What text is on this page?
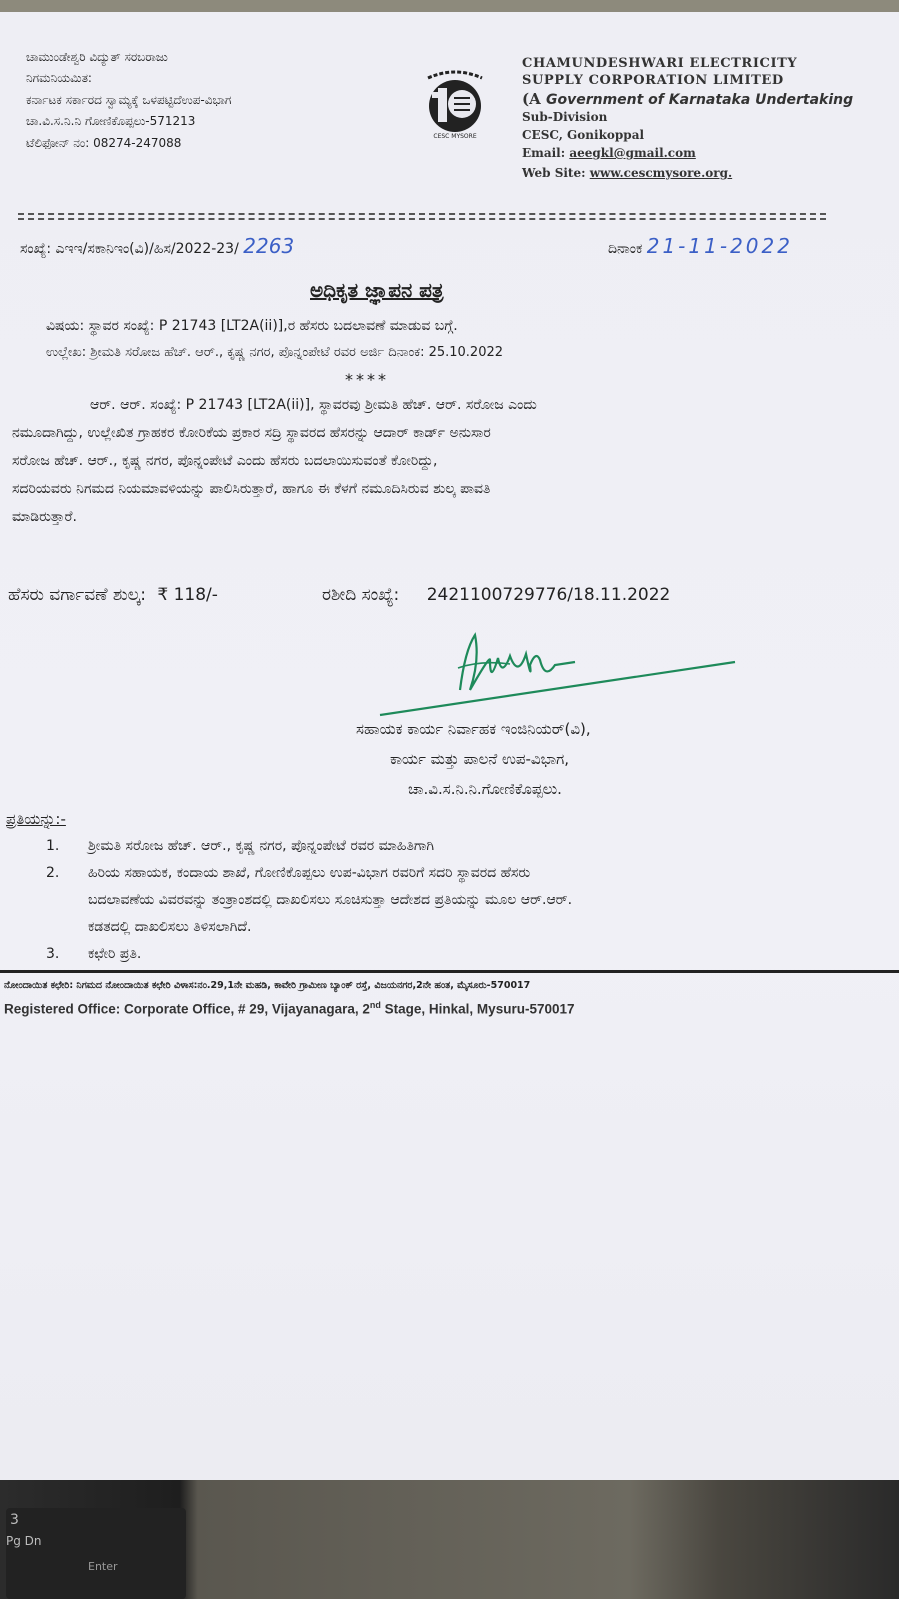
ಚಾಮುಂಡೇಶ್ವರಿ ವಿದ್ಯುತ್ ಸರಬರಾಜು
ನಿಗಮನಿಯಮಿತ:
ಕರ್ನಾಟಕ ಸರ್ಕಾರದ ಸ್ವಾಮ್ಯಕ್ಕೆ ಒಳಪಟ್ಟಿದೆಉಪ-ವಿಭಾಗ
ಚಾ.ವಿ.ಸ.ನಿ.ನಿ ಗೋಣಿಕೊಪ್ಪಲು-571213
ಟೆಲಿಫೋನ್ ನಂ: 08274-247088	CESC MYSORE
CHAMUNDESHWARI ELECTRICITY
SUPPLY CORPORATION LIMITED
(A Government of Karnataka Undertaking
Sub-Division
CESC, Gonikoppal
Email: aeegkl@gmail.com
Web Site: www.cescmysore.org.
ಸಂಖ್ಯೆ: ಎಇಇ/ಸಕಾನಿಇಂ(ವಿ)/ಹಿಸ/2022-23/ 2263	ದಿನಾಂಕ 21-11-2022
ಅಧಿಕೃತ ಜ್ಞಾಪನ ಪತ್ರ
ವಿಷಯ: ಸ್ಥಾವರ ಸಂಖ್ಯೆ: P 21743 [LT2A(ii)],ರ ಹೆಸರು ಬದಲಾವಣೆ ಮಾಡುವ ಬಗ್ಗೆ.
ಉಲ್ಲೇಖ: ಶ್ರೀಮತಿ ಸರೋಜ ಹೆಚ್. ಆರ್., ಕೃಷ್ಣ ನಗರ, ಪೊನ್ನಂಪೇಟೆ ರವರ ಅರ್ಜಿ ದಿನಾಂಕ: 25.10.2022
****
ಆರ್. ಆರ್. ಸಂಖ್ಯೆ: P 21743 [LT2A(ii)], ಸ್ಥಾವರವು ಶ್ರೀಮತಿ ಹೆಚ್. ಆರ್. ಸರೋಜ ಎಂದು
ನಮೂದಾಗಿದ್ದು, ಉಲ್ಲೇಖಿತ ಗ್ರಾಹಕರ ಕೋರಿಕೆಯ ಪ್ರಕಾರ ಸದ್ರಿ ಸ್ಥಾವರದ ಹೆಸರನ್ನು ಆದಾರ್ ಕಾರ್ಡ್ ಅನುಸಾರ
ಸರೋಜ ಹೆಚ್. ಆರ್., ಕೃಷ್ಣ ನಗರ, ಪೊನ್ನಂಪೇಟೆ ಎಂದು ಹೆಸರು ಬದಲಾಯಿಸುವಂತೆ ಕೋರಿದ್ದು,
ಸದರಿಯವರು ನಿಗಮದ ನಿಯಮಾವಳಿಯನ್ನು ಪಾಲಿಸಿರುತ್ತಾರೆ, ಹಾಗೂ ಈ ಕೆಳಗೆ ನಮೂದಿಸಿರುವ ಶುಲ್ಕ ಪಾವತಿ
ಮಾಡಿರುತ್ತಾರೆ.
ಹೆಸರು ವರ್ಗಾವಣೆ ಶುಲ್ಕ: ₹ 118/-	ರಶೀದಿ ಸಂಖ್ಯೆ: 2421100729776/18.11.2022
ಸಹಾಯಕ ಕಾರ್ಯ ನಿರ್ವಾಹಕ ಇಂಜಿನಿಯರ್(ವಿ),
ಕಾರ್ಯ ಮತ್ತು ಪಾಲನೆ ಉಪ-ವಿಭಾಗ,
ಚಾ.ವಿ.ಸ.ನಿ.ನಿ.ಗೋಣಿಕೊಪ್ಪಲು.
ಪ್ರತಿಯನ್ನು:-
1. ಶ್ರೀಮತಿ ಸರೋಜ ಹೆಚ್. ಆರ್., ಕೃಷ್ಣ ನಗರ, ಪೊನ್ನಂಪೇಟೆ ರವರ ಮಾಹಿತಿಗಾಗಿ
2. ಹಿರಿಯ ಸಹಾಯಕ, ಕಂದಾಯ ಶಾಖೆ, ಗೋಣಿಕೊಪ್ಪಲು ಉಪ-ವಿಭಾಗ ರವರಿಗೆ ಸದರಿ ಸ್ಥಾವರದ ಹೆಸರು
ಬದಲಾವಣೆಯ ವಿವರವನ್ನು ತಂತ್ರಾಂಶದಲ್ಲಿ ದಾಖಲಿಸಲು ಸೂಚಿಸುತ್ತಾ ಆದೇಶದ ಪ್ರತಿಯನ್ನು ಮೂಲ ಆರ್.ಆರ್.
ಕಡತದಲ್ಲಿ ದಾಖಲಿಸಲು ತಿಳಿಸಲಾಗಿದೆ.
3. ಕಛೇರಿ ಪ್ರತಿ.
ನೋಂದಾಯಿತ ಕಛೇರಿ: ನಿಗಮದ ನೋಂದಾಯಿತ ಕಛೇರಿ ವಿಳಾಸ:ನಂ.29,1ನೇ ಮಹಡಿ, ಕಾವೇರಿ ಗ್ರಾಮೀಣ ಬ್ಯಾಂಕ್ ರಸ್ತೆ, ವಿಜಯನಗರ,2ನೇ ಹಂತ, ಮೈಸೂರು-570017
Registered Office: Corporate Office, # 29, Vijayanagara, 2nd Stage, Hinkal, Mysuru-570017
3
Pg Dn
Enter
